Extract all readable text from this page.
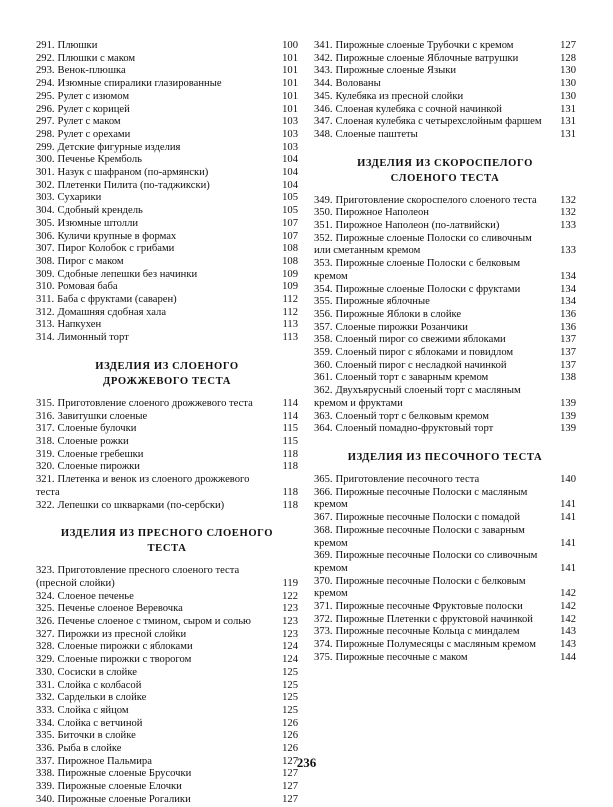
291. Плюшки	100
292. Плюшки с маком	101
293. Венок-плюшка	101
294. Изюмные спиралики глазированные	101
295. Рулет с изюмом	101
296. Рулет с корицей	101
297. Рулет с маком	103
298. Рулет с орехами	103
299. Детские фигурные изделия	103
300. Печенье Кремболь	104
301. Назук с шафраном (по-армянски)	104
302. Плетенки Пилита (по-таджикски)	104
303. Сухарики	105
304. Сдобный крендель	105
305. Изюмные штолли	107
306. Куличи крупные в формах	107
307. Пирог Колобок с грибами	108
308. Пирог с маком	108
309. Сдобные лепешки без начинки	109
310. Ромовая баба	109
311. Баба с фруктами (саварен)	112
312. Домашняя сдобная хала	112
313. Напкухен	113
314. Лимонный торт	113
ИЗДЕЛИЯ ИЗ СЛОЕНОГО
ДРОЖЖЕВОГО ТЕСТА
315. Приготовление слоеного дрожжевого теста	114
316. Завитушки слоеные	114
317. Слоеные булочки	115
318. Слоеные рожки	115
319. Слоеные гребешки	118
320. Слоеные пирожки	118
321. Плетенка и венок из слоеного дрожжевого теста	118
322. Лепешки со шкварками (по-сербски)	118
ИЗДЕЛИЯ ИЗ ПРЕСНОГО СЛОЕНОГО
ТЕСТА
323. Приготовление пресного слоеного теста (пресной слойки)	119
324. Слоеное печенье	122
325. Печенье слоеное Веревочка	123
326. Печенье слоеное с тмином, сыром и солью	123
327. Пирожки из пресной слойки	123
328. Слоеные пирожки с яблоками	124
329. Слоеные пирожки с творогом	124
330. Сосиски в слойке	125
331. Слойка с колбасой	125
332. Сардельки в слойке	125
333. Слойка с яйцом	125
334. Слойка с ветчиной	126
335. Биточки в слойке	126
336. Рыба в слойке	126
337. Пирожное Пальмира	127
338. Пирожные слоеные Брусочки	127
339. Пирожные слоеные Елочки	127
340. Пирожные слоеные Рогалики	127
341. Пирожные слоеные Трубочки с кремом	127
342. Пирожные слоеные Яблочные ватрушки	128
343. Пирожные слоеные Языки	130
344. Волованы	130
345. Кулебяка из пресной слойки	130
346. Слоеная кулебяка с сочной начинкой	131
347. Слоеная кулебяка с четырехслойным фаршем 131
348. Слоеные паштеты	131
ИЗДЕЛИЯ ИЗ СКОРОСПЕЛОГО
СЛОЕНОГО ТЕСТА
349. Приготовление скороспелого слоеного теста 132
350. Пирожное Наполеон	132
351. Пирожное Наполеон (по-латвийски)	133
352. Пирожные слоеные Полоски со сливочным или сметанным кремом	133
353. Пирожные слоеные Полоски с белковым кремом	134
354. Пирожные слоеные Полоски с фруктами	134
355. Пирожные яблочные	134
356. Пирожные Яблоки в слойке	136
357. Слоеные пирожки Розанчики	136
358. Слоеный пирог со свежими яблоками	137
359. Слоеный пирог с яблоками и повидлом	137
360. Слоеный пирог с несладкой начинкой	137
361. Слоеный торт с заварным кремом	138
362. Двухъярусный слоеный торт с масляным кремом и фруктами	139
363. Слоеный торт с белковым кремом	139
364. Слоеный помадно-фруктовый торт	139
ИЗДЕЛИЯ ИЗ ПЕСОЧНОГО ТЕСТА
365. Приготовление песочного теста	140
366. Пирожные песочные Полоски с масляным кремом	141
367. Пирожные песочные Полоски с помадой	141
368. Пирожные песочные Полоски с заварным кремом	141
369. Пирожные песочные Полоски со сливочным кремом	141
370. Пирожные песочные Полоски с белковым кремом	142
371. Пирожные песочные Фруктовые полоски	142
372. Пирожные Плетенки с фруктовой начинкой	142
373. Пирожные песочные Кольца с миндалем	143
374. Пирожные Полумесяцы с масляным кремом 143
375. Пирожные песочные с маком	144
236
